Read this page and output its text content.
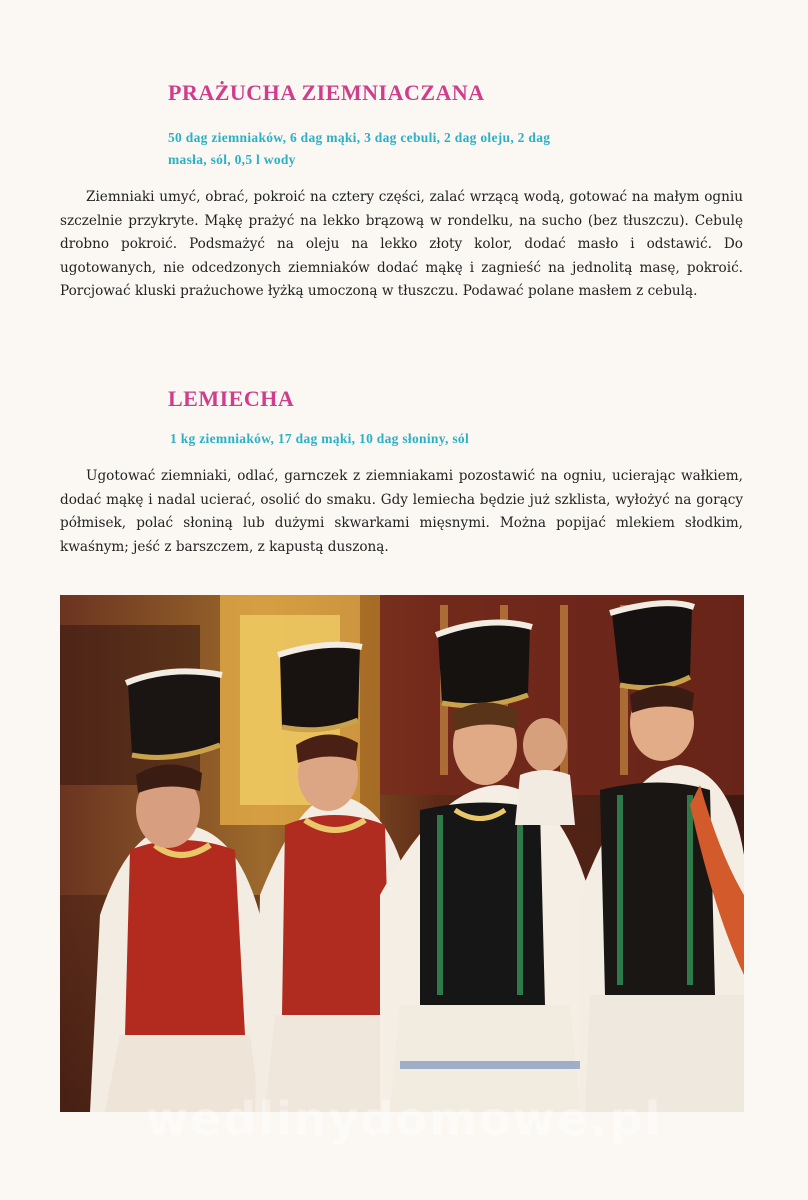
PRAŻUCHA ZIEMNIACZANA

50 dag ziemniaków, 6 dag mąki, 3 dag cebuli, 2 dag oleju, 2 dag
masła, sól, 0,5 l wody

Ziemniaki umyć, obrać, pokroić na cztery części, zalać wrzącą wodą, gotować na małym ogniu szczelnie przykryte. Mąkę prażyć na lekko brązową w rondelku, na sucho (bez tłuszczu). Cebulę drobno pokroić. Podsmażyć na oleju na lekko złoty kolor, dodać masło i odstawić. Do ugotowanych, nie odcedzonych ziemniaków dodać mąkę i zagnieść na jednolitą masę, pokroić. Porcjować kluski prażuchowe łyżką umoczoną w tłuszczu. Podawać polane masłem z cebulą.

LEMIECHA

1 kg ziemniaków, 17 dag mąki, 10 dag słoniny, sól

Ugotować ziemniaki, odlać, garnczek z ziemniakami pozostawić na ogniu, ucierając wałkiem, dodać mąkę i nadal ucierać, osolić do smaku. Gdy lemiecha będzie już szklista, wyłożyć na gorący półmisek, polać słoniną lub dużymi skwarkami mięsnymi. Można popijać mlekiem słodkim, kwaśnym; jeść z barszczem, z kapustą duszoną.

wedlinydomowe.pl
